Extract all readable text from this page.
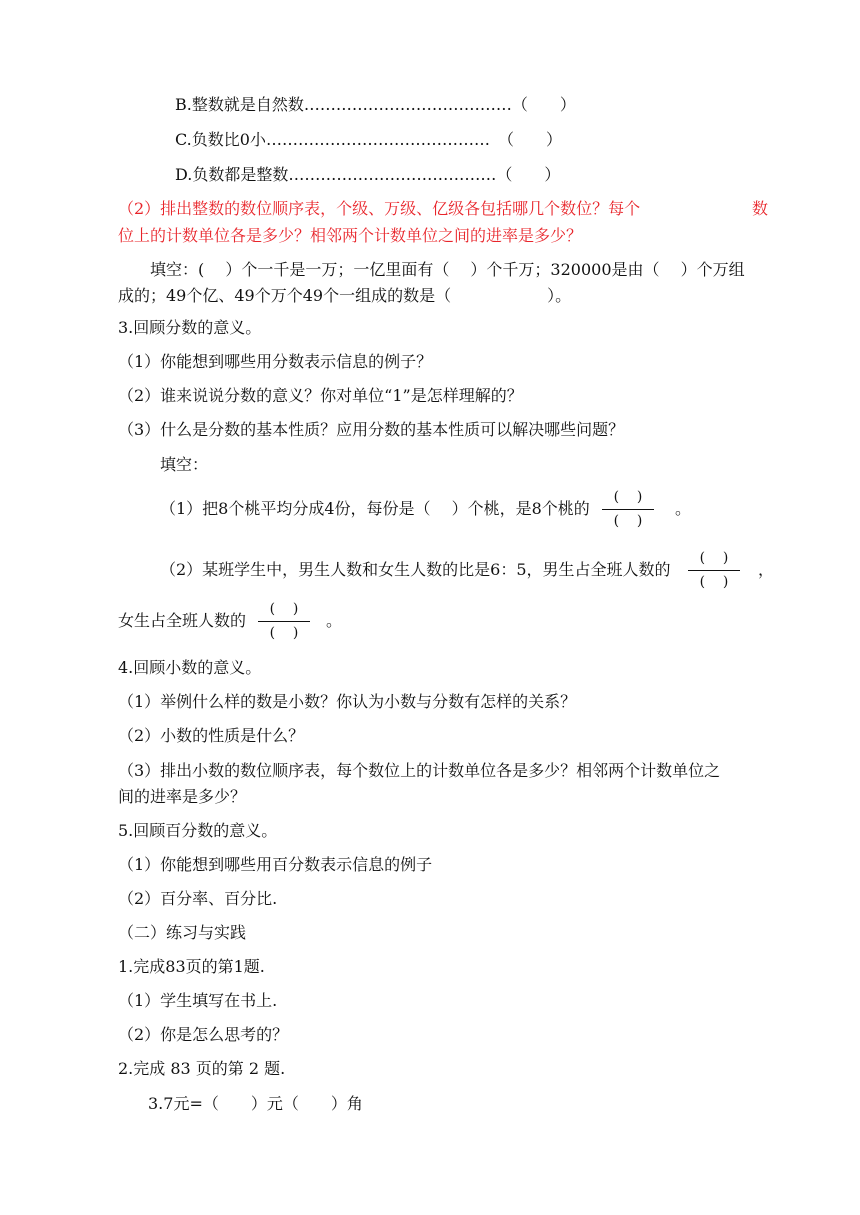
B.整数就是自然数…………………………………（　　）
C.负数比0小……………………………………　（　　）
D.负数都是整数…………………………………（　　）
（2）排出整数的数位顺序表，个级、万级、亿级各包括哪几个数位？每个	数
位上的计数单位各是多少？相邻两个计数单位之间的进率是多少？
填空：(　 ）个一千是一万；一亿里面有（　 ）个千万；320000是由（　 ）个万组
成的；49个亿、49个万个49个一组成的数是（　　　　　　）。
3.回顾分数的意义。
（1）你能想到哪些用分数表示信息的例子？
（2）谁来说说分数的意义？你对单位“1”是怎样理解的？
（3）什么是分数的基本性质？应用分数的基本性质可以解决哪些问题？
填空：
（1）把8个桃平均分成4份，每份是（　 ）个桃，是8个桃的
(    )
(    )
。
（2）某班学生中，男生人数和女生人数的比是6：5，男生占全班人数的
(    )
(    )
，
女生占全班人数的
(    )
(    )
。
4.回顾小数的意义。
（1）举例什么样的数是小数？你认为小数与分数有怎样的关系？
（2）小数的性质是什么？
（3）排出小数的数位顺序表，每个数位上的计数单位各是多少？相邻两个计数单位之
间的进率是多少？
5.回顾百分数的意义。
（1）你能想到哪些用百分数表示信息的例子
（2）百分率、百分比.
（二）练习与实践
1.完成83页的第1题.
（1）学生填写在书上.
（2）你是怎么思考的？
2.完成 83 页的第 2 题.
3.7元=（　　）元（　　）角
